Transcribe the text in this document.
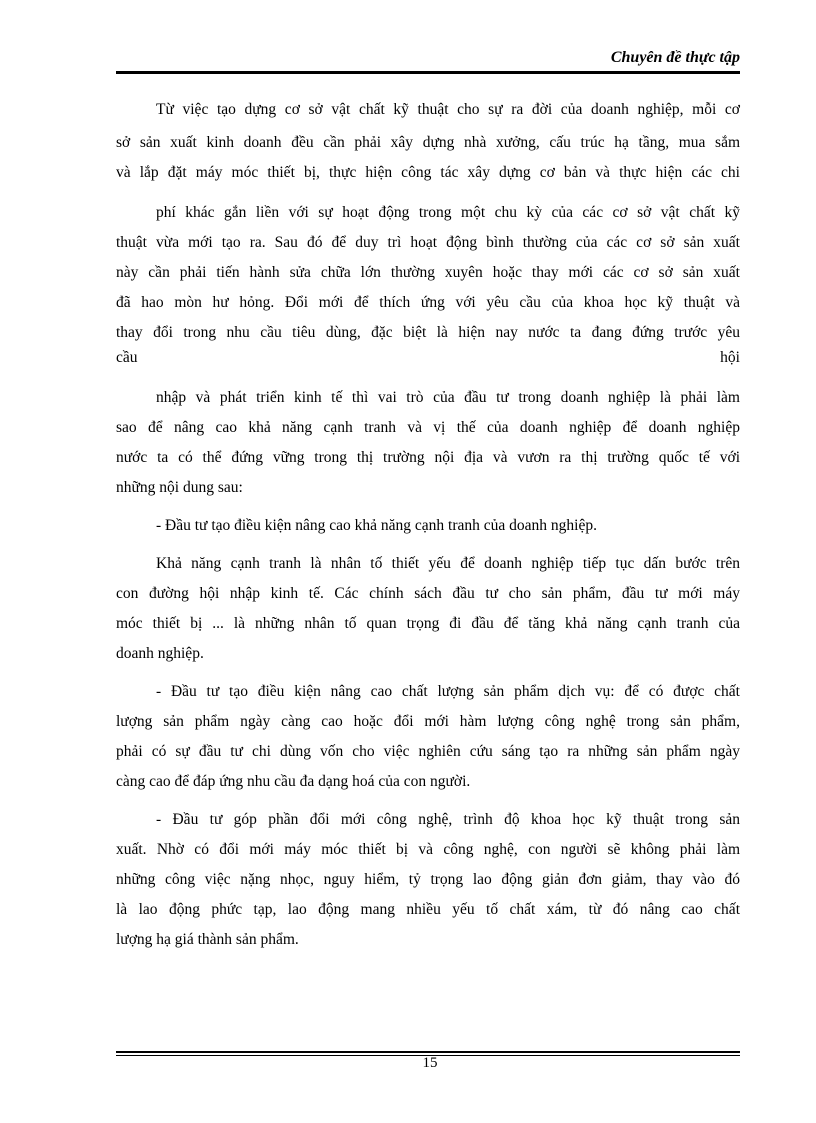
Chuyên đề thực tập
Từ việc tạo dựng cơ sở vật chất kỹ thuật cho sự ra đời của doanh nghiệp, mỗi cơ
sở sản xuất kinh doanh đều cần phải xây dựng nhà xưởng, cấu trúc hạ tầng, mua sắm
và lắp đặt máy móc thiết bị, thực hiện công tác xây dựng cơ bản và thực hiện các chi
phí khác gắn liền với sự hoạt động trong một chu kỳ của các cơ sở vật chất kỹ
thuật vừa mới tạo ra. Sau đó để duy trì hoạt động bình thường của các cơ sở sản xuất
này cần phải tiến hành sửa chữa lớn thường xuyên hoặc thay mới các cơ sở sản xuất
đã hao mòn hư hỏng. Đổi mới để thích ứng với yêu cầu của khoa học kỹ thuật và
thay đổi trong nhu cầu tiêu dùng, đặc biệt là hiện nay nước ta đang đứng trước yêu
cầu hội
nhập và phát triển kinh tế thì vai trò của đầu tư trong doanh nghiệp là phải làm
sao để nâng cao khả năng cạnh tranh và vị thế của doanh nghiệp để doanh nghiệp
nước ta có thể đứng vững trong thị trường nội địa và vươn ra thị trường quốc tế với
những nội dung sau:
- Đầu tư tạo điều kiện nâng cao khả năng cạnh tranh của doanh nghiệp.
Khả năng cạnh tranh là nhân tố thiết yếu để doanh nghiệp tiếp tục dấn bước trên
con đường hội nhập kinh tế. Các chính sách đầu tư cho sản phẩm, đầu tư mới máy
móc thiết bị ... là những nhân tố quan trọng đi đầu để tăng khả năng cạnh tranh của
doanh nghiệp.
- Đầu tư tạo điều kiện nâng cao chất lượng sản phẩm dịch vụ: để có được chất
lượng sản phẩm ngày càng cao hoặc đổi mới hàm lượng công nghệ trong sản phẩm,
phải có sự đầu tư chi dùng vốn cho việc nghiên cứu sáng tạo ra những sản phẩm ngày
càng cao để đáp ứng nhu cầu đa dạng hoá của con người.
- Đầu tư góp phần đổi mới công nghệ, trình độ khoa học kỹ thuật trong sản
xuất. Nhờ có đổi mới máy móc thiết bị và công nghệ, con người sẽ không phải làm
những công việc nặng nhọc, nguy hiểm, tỷ trọng lao động giản đơn giảm, thay vào đó
là lao động phức tạp, lao động mang nhiều yếu tố chất xám, từ đó nâng cao chất
lượng hạ giá thành sản phẩm.
15
